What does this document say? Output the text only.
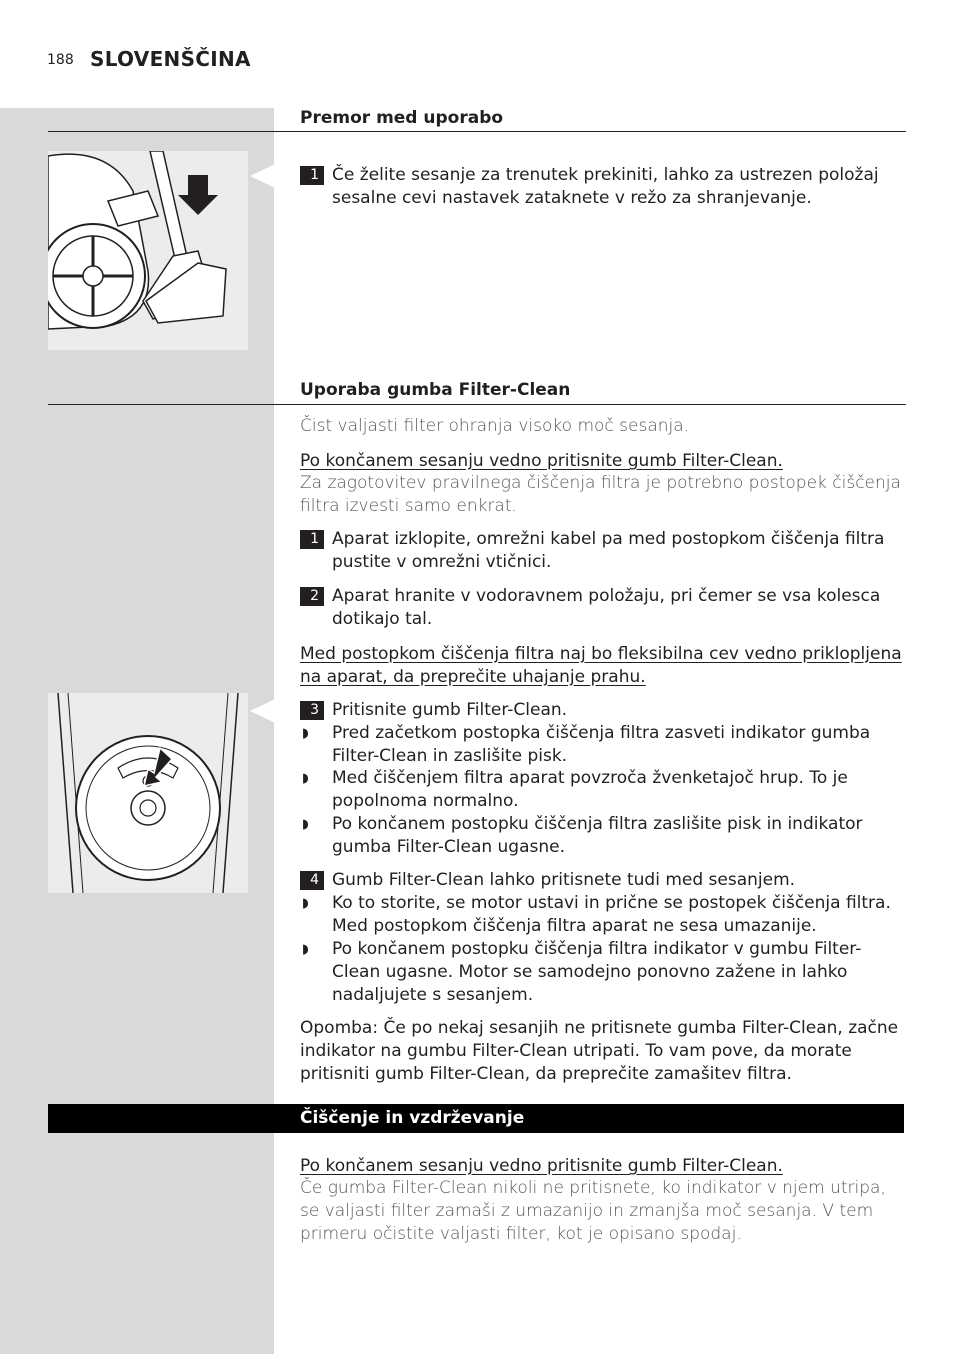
188 SLOVENŠČINA
Premor med uporabo
1 Če želite sesanje za trenutek prekiniti, lahko za ustrezen položaj sesalne cevi nastavek zataknete v režo za shranjevanje.
Uporaba gumba Filter-Clean
Čist valjasti filter ohranja visoko moč sesanja.
Po končanem sesanju vedno pritisnite gumb Filter-Clean.
Za zagotovitev pravilnega čiščenja filtra je potrebno postopek čiščenja filtra izvesti samo enkrat.
1 Aparat izklopite, omrežni kabel pa med postopkom čiščenja filtra pustite v omrežni vtičnici.
2 Aparat hranite v vodoravnem položaju, pri čemer se vsa kolesca dotikajo tal.
Med postopkom čiščenja filtra naj bo fleksibilna cev vedno priklopljena
na aparat, da preprečite uhajanje prahu.
3 Pritisnite gumb Filter-Clean.
◗ Pred začetkom postopka čiščenja filtra zasveti indikator gumba Filter-Clean in zaslišite pisk.
◗ Med čiščenjem filtra aparat povzroča žvenketajoč hrup. To je popolnoma normalno.
◗ Po končanem postopku čiščenja filtra zaslišite pisk in indikator gumba Filter-Clean ugasne.
4 Gumb Filter-Clean lahko pritisnete tudi med sesanjem.
◗ Ko to storite, se motor ustavi in prične se postopek čiščenja filtra. Med postopkom čiščenja filtra aparat ne sesa umazanije.
◗ Po končanem postopku čiščenja filtra indikator v gumbu Filter-Clean ugasne. Motor se samodejno ponovno zažene in lahko nadaljujete s sesanjem.
Opomba: Če po nekaj sesanjih ne pritisnete gumba Filter-Clean, začne indikator na gumbu Filter-Clean utripati. To vam pove, da morate pritisniti gumb Filter-Clean, da preprečite zamašitev filtra.
Čiščenje in vzdrževanje
Po končanem sesanju vedno pritisnite gumb Filter-Clean.
Če gumba Filter-Clean nikoli ne pritisnete, ko indikator v njem utripa, se valjasti filter zamaši z umazanijo in zmanjša moč sesanja. V tem primeru očistite valjasti filter, kot je opisano spodaj.
